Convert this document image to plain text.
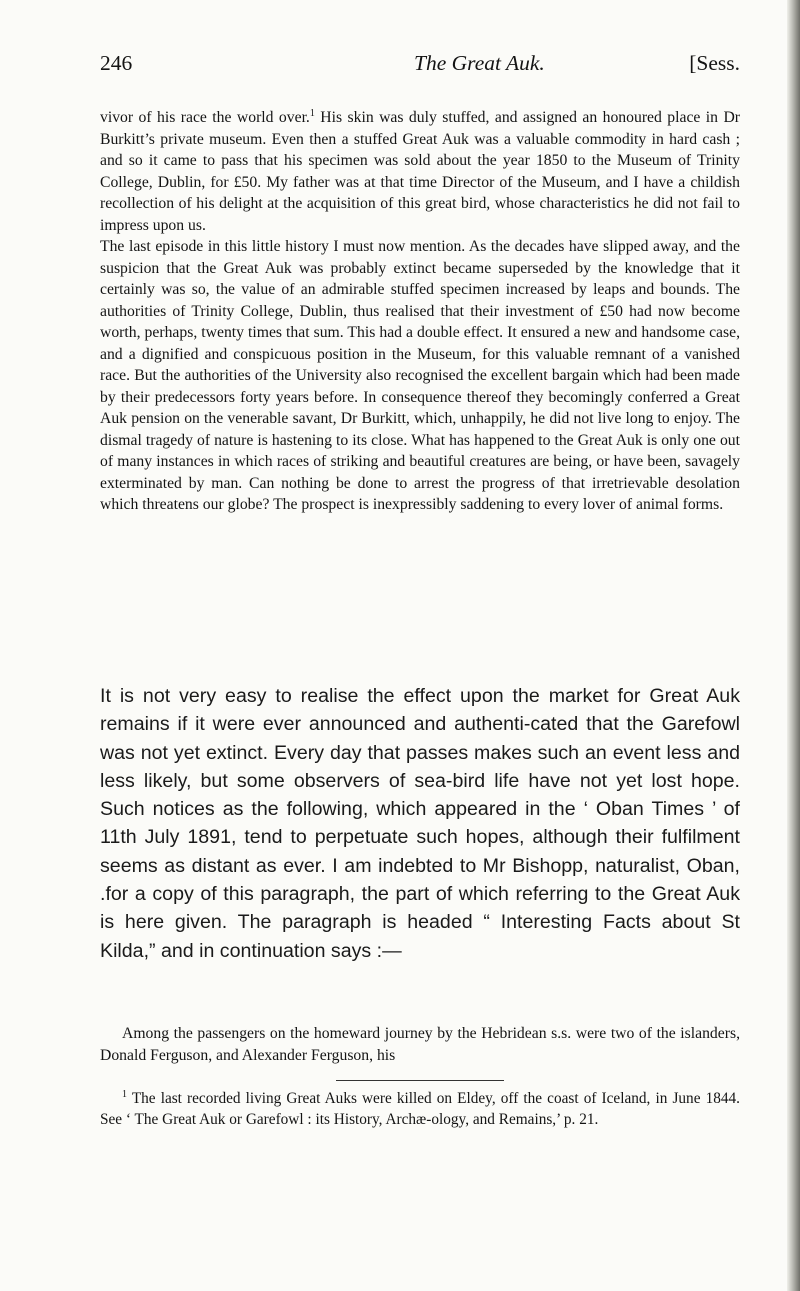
246	The Great Auk.	[Sess.

vivor of his race the world over.$^1$ His skin was duly stuffed, and assigned an honoured place in Dr Burkitt’s private museum. Even then a stuffed Great Auk was a valuable commodity in hard cash ; and so it came to pass that his specimen was sold about the year 1850 to the Museum of Trinity College, Dublin, for £50. My father was at that time Director of the Museum, and I have a childish recollection of his delight at the acquisition of this great bird, whose characteristics he did not fail to impress upon us.

The last episode in this little history I must now mention. As the decades have slipped away, and the suspicion that the Great Auk was probably extinct became superseded by the knowledge that it certainly was so, the value of an admirable stuffed specimen increased by leaps and bounds. The authorities of Trinity College, Dublin, thus realised that their investment of £50 had now become worth, perhaps, twenty times that sum. This had a double effect. It ensured a new and handsome case, and a dignified and conspicuous position in the Museum, for this valuable remnant of a vanished race. But the authorities of the University also recognised the excellent bargain which had been made by their predecessors forty years before. In consequence thereof they becomingly conferred a Great Auk pension on the venerable savant, Dr Burkitt, which, unhappily, he did not live long to enjoy. The dismal tragedy of nature is hastening to its close. What has happened to the Great Auk is only one out of many instances in which races of striking and beautiful creatures are being, or have been, savagely exterminated by man. Can nothing be done to arrest the progress of that irretrievable desolation which threatens our globe? The prospect is inexpressibly saddening to every lover of animal forms.

It is not very easy to realise the effect upon the market for Great Auk remains if it were ever announced and authenti-cated that the Garefowl was not yet extinct. Every day that passes makes such an event less and less likely, but some observers of sea-bird life have not yet lost hope. Such notices as the following, which appeared in the ‘ Oban Times ’ of 11th July 1891, tend to perpetuate such hopes, although their fulfilment seems as distant as ever. I am indebted to Mr Bishopp, naturalist, Oban, .for a copy of this paragraph, the part of which referring to the Great Auk is here given. The paragraph is headed “ Interesting Facts about St Kilda,” and in continuation says :—

Among the passengers on the homeward journey by the Hebridean s.s. were two of the islanders, Donald Ferguson, and Alexander Ferguson, his

$^1$ The last recorded living Great Auks were killed on Eldey, off the coast of Iceland, in June 1844. See ‘ The Great Auk or Garefowl : its History, Archæ-ology, and Remains,’ p. 21.
